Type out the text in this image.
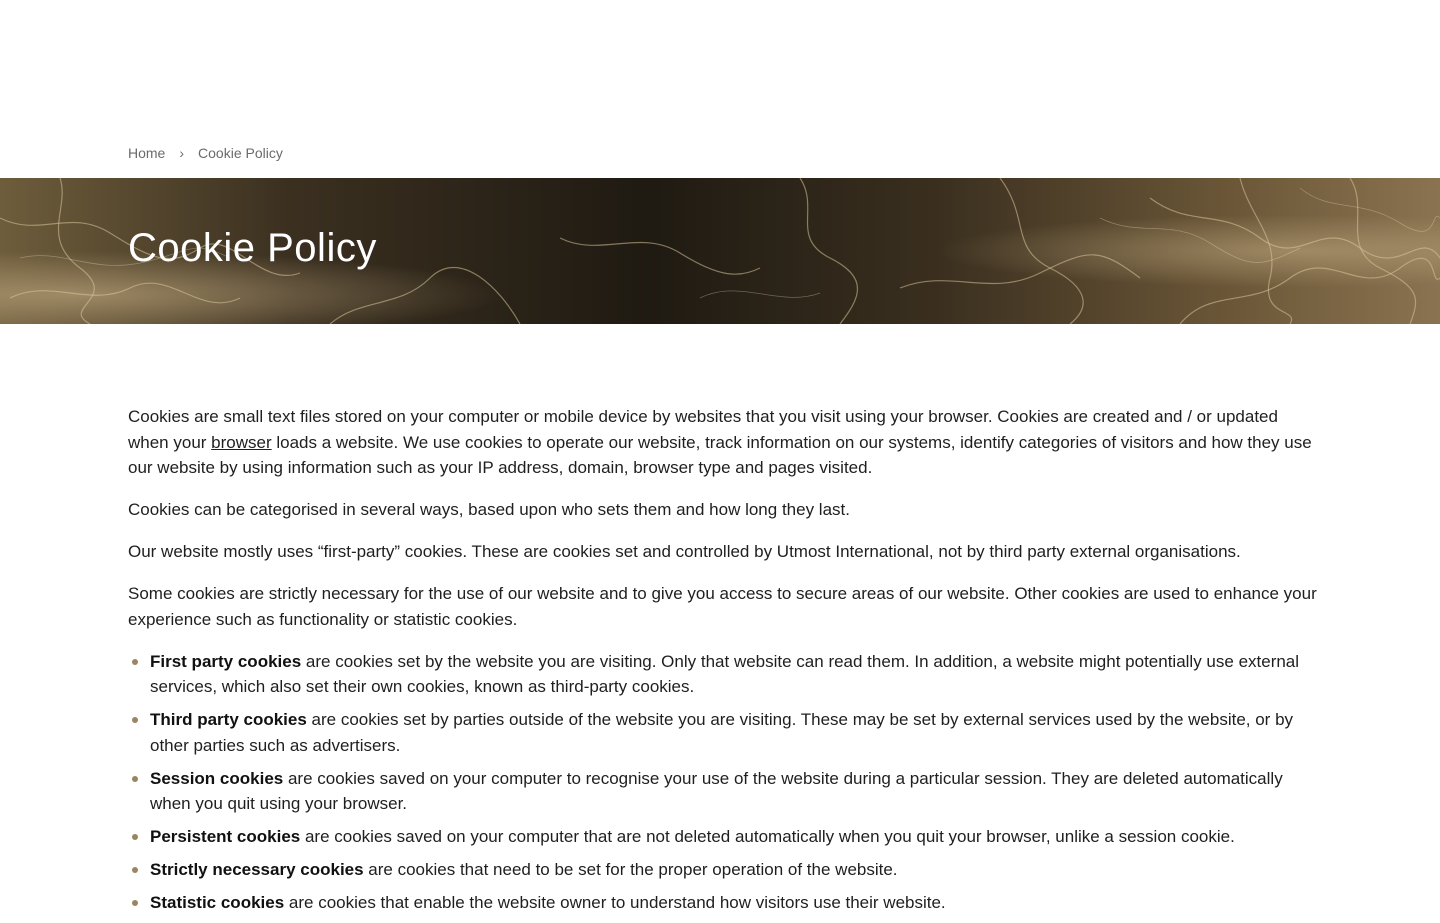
Home › Cookie Policy
Cookie Policy

Cookies are small text files stored on your computer or mobile device by websites that you visit using your browser. Cookies are created and / or updated when your browser loads a website. We use cookies to operate our website, track information on our systems, identify categories of visitors and how they use our website by using information such as your IP address, domain, browser type and pages visited.

Cookies can be categorised in several ways, based upon who sets them and how long they last.

Our website mostly uses “first-party” cookies. These are cookies set and controlled by Utmost International, not by third party external organisations.

Some cookies are strictly necessary for the use of our website and to give you access to secure areas of our website. Other cookies are used to enhance your experience such as functionality or statistic cookies.

First party cookies are cookies set by the website you are visiting. Only that website can read them. In addition, a website might potentially use external services, which also set their own cookies, known as third-party cookies.
Third party cookies are cookies set by parties outside of the website you are visiting. These may be set by external services used by the website, or by other parties such as advertisers.
Session cookies are cookies saved on your computer to recognise your use of the website during a particular session. They are deleted automatically when you quit using your browser.
Persistent cookies are cookies saved on your computer that are not deleted automatically when you quit your browser, unlike a session cookie.
Strictly necessary cookies are cookies that need to be set for the proper operation of the website.
Statistic cookies are cookies that enable the website owner to understand how visitors use their website.
